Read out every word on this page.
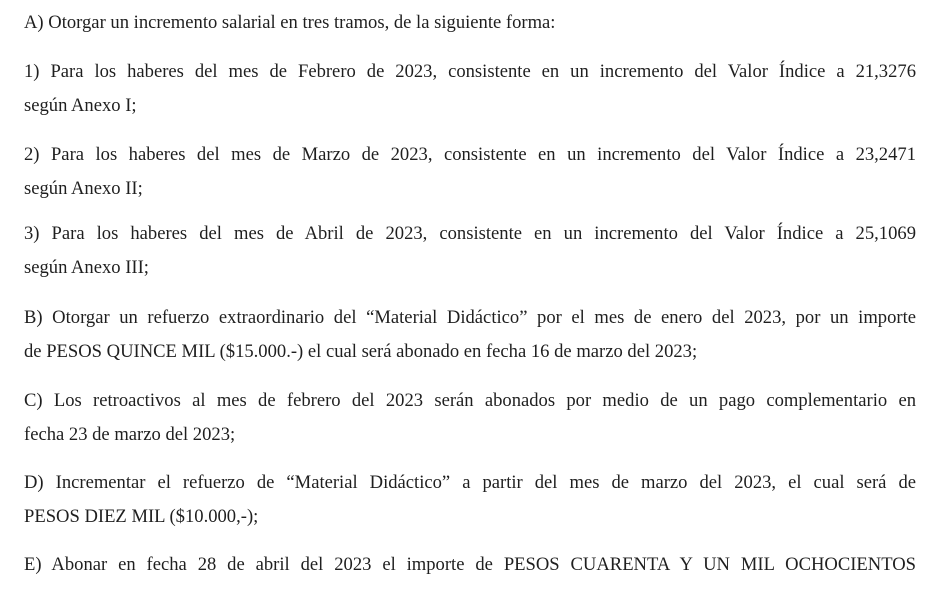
A) Otorgar un incremento salarial en tres tramos, de la siguiente forma:
1) Para los haberes del mes de Febrero de 2023, consistente en un incremento del Valor Índice a 21,3276
según Anexo I;
2) Para los haberes del mes de Marzo de 2023, consistente en un incremento del Valor Índice a 23,2471
según Anexo II;
3) Para los haberes del mes de Abril de 2023, consistente en un incremento del Valor Índice a 25,1069
según Anexo III;
B) Otorgar un refuerzo extraordinario del “Material Didáctico” por el mes de enero del 2023, por un importe
de PESOS QUINCE MIL ($15.000.-) el cual será abonado en fecha 16 de marzo del 2023;
C) Los retroactivos al mes de febrero del 2023 serán abonados por medio de un pago complementario en
fecha 23 de marzo del 2023;
D) Incrementar el refuerzo de “Material Didáctico” a partir del mes de marzo del 2023, el cual será de
PESOS DIEZ MIL ($10.000,-);
E) Abonar en fecha 28 de abril del 2023 el importe de PESOS CUARENTA Y UN MIL OCHOCIENTOS
